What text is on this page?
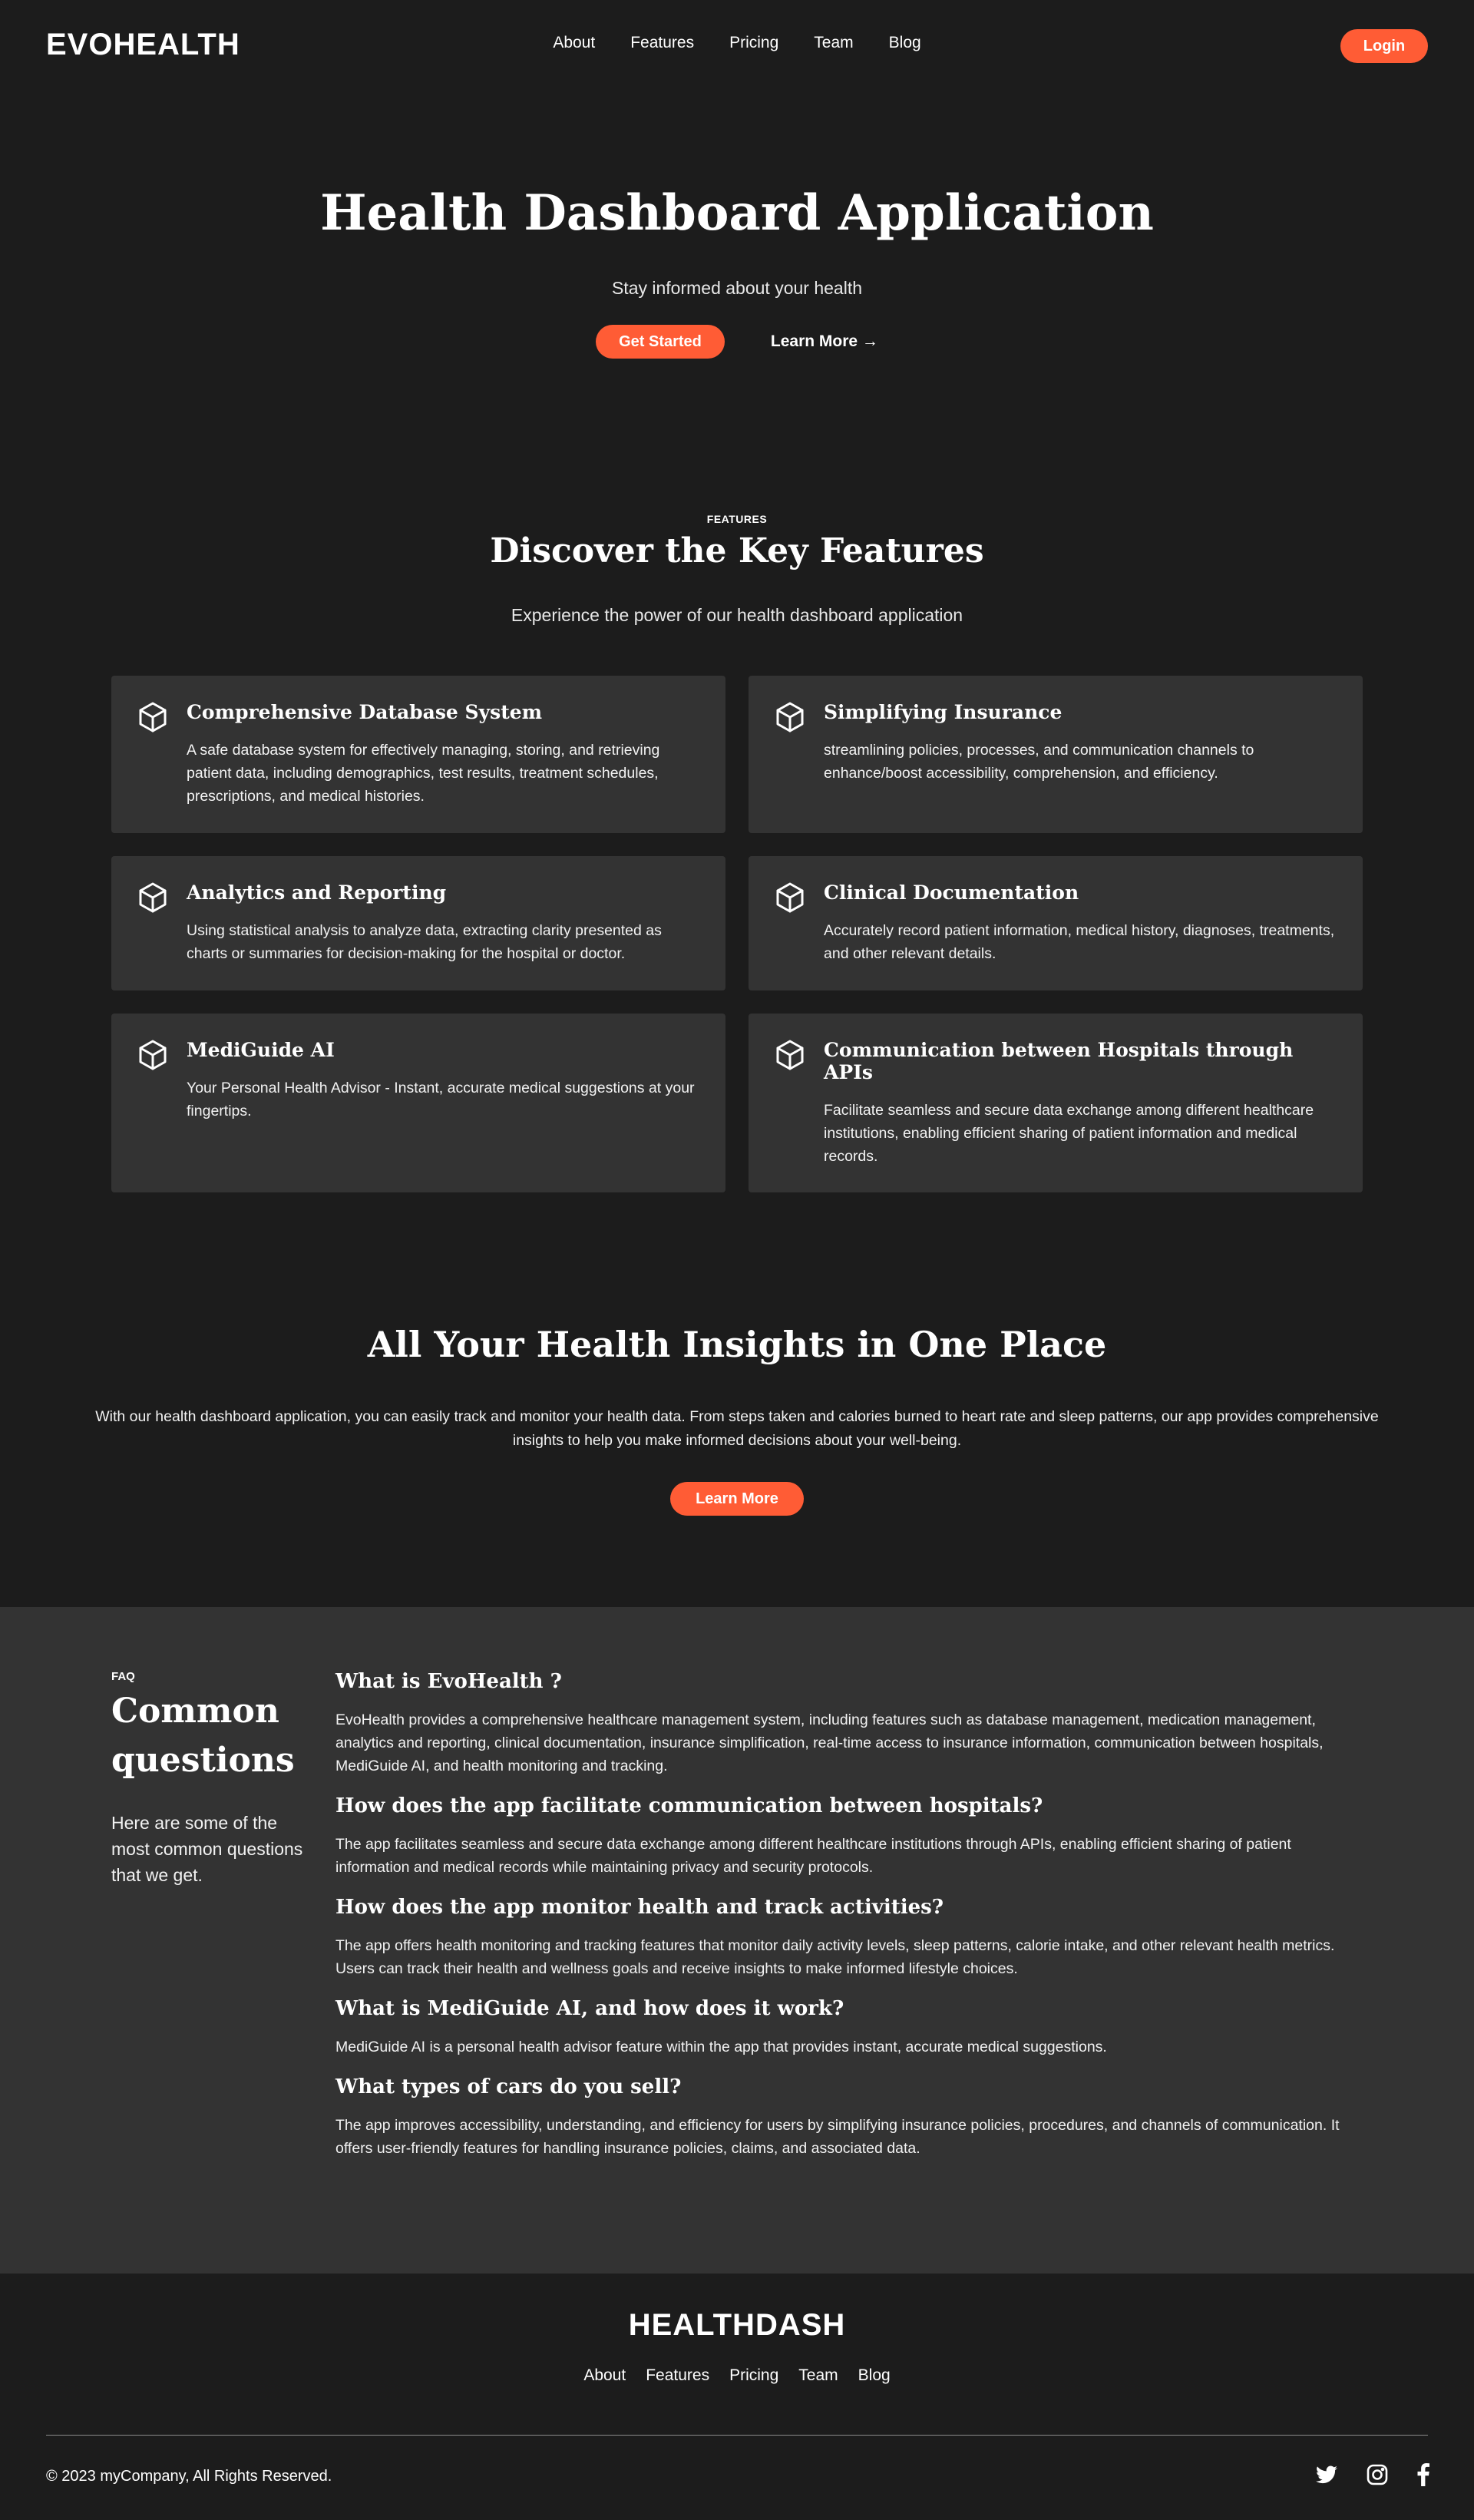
EVOHEALTH	About Features Pricing Team Blog	Login
Health Dashboard Application

Stay informed about your health

Get Started	Learn More →
FEATURES
Discover the Key Features

Experience the power of our health dashboard application

Comprehensive Database System
A safe database system for effectively managing, storing, and retrieving patient data, including demographics, test results, treatment schedules, prescriptions, and medical histories.
Simplifying Insurance
streamlining policies, processes, and communication channels to enhance/boost accessibility, comprehension, and efficiency.
Analytics and Reporting
Using statistical analysis to analyze data, extracting clarity presented as charts or summaries for decision-making for the hospital or doctor.
Clinical Documentation
Accurately record patient information, medical history, diagnoses, treatments, and other relevant details.
MediGuide AI
Your Personal Health Advisor - Instant, accurate medical suggestions at your fingertips.
Communication between Hospitals through APIs
Facilitate seamless and secure data exchange among different healthcare institutions, enabling efficient sharing of patient information and medical records.
All Your Health Insights in One Place

With our health dashboard application, you can easily track and monitor your health data. From steps taken and calories burned to heart rate and sleep patterns, our app provides comprehensive insights to help you make informed decisions about your well-being.

Learn More
FAQ
Common questions

Here are some of the most common questions that we get.

What is EvoHealth ?
EvoHealth provides a comprehensive healthcare management system, including features such as database management, medication management, analytics and reporting, clinical documentation, insurance simplification, real-time access to insurance information, communication between hospitals, MediGuide AI, and health monitoring and tracking.
How does the app facilitate communication between hospitals?
The app facilitates seamless and secure data exchange among different healthcare institutions through APIs, enabling efficient sharing of patient information and medical records while maintaining privacy and security protocols.
How does the app monitor health and track activities?
The app offers health monitoring and tracking features that monitor daily activity levels, sleep patterns, calorie intake, and other relevant health metrics. Users can track their health and wellness goals and receive insights to make informed lifestyle choices.
What is MediGuide AI, and how does it work?
MediGuide AI is a personal health advisor feature within the app that provides instant, accurate medical suggestions.
What types of cars do you sell?
The app improves accessibility, understanding, and efficiency for users by simplifying insurance policies, procedures, and channels of communication. It offers user-friendly features for handling insurance policies, claims, and associated data.
HEALTHDASH
About Features Pricing Team Blog
© 2023 myCompany, All Rights Reserved.
